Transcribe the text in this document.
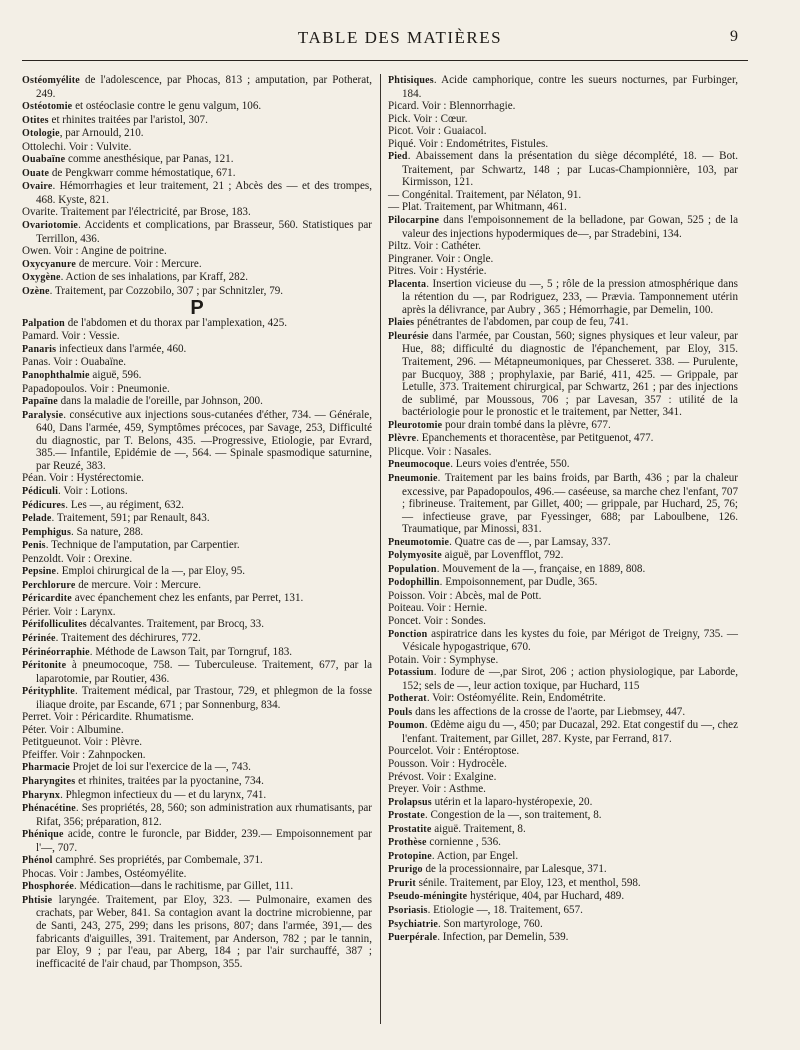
TABLE DES MATIÈRES	9

Ostéomyélite de l'adolescence, par Phocas, 813 ; amputation, par Potherat, 249.

Ostéotomie et ostéoclasie contre le genu valgum, 106.

Otites et rhinites traitées par l'aristol, 307.

Otologie, par Arnould, 210.

Ottolechi. Voir : Vulvite.

Ouabaïne comme anesthésique, par Panas, 121.

Ouate de Pengkwarr comme hémostatique, 671.

Ovaire. Hémorrhagies et leur traitement, 21 ; Abcès des — et des trompes, 468. Kyste, 821.

Ovarite. Traitement par l'électricité, par Brose, 183.

Ovariotomie. Accidents et complications, par Brasseur, 560. Statistiques par Terrillon, 436.

Owen. Voir : Angine de poitrine.

Oxycyanure de mercure. Voir : Mercure.

Oxygène. Action de ses inhalations, par Kraff, 282.

Ozène. Traitement, par Cozzobilo, 307 ; par Schnitzler, 79.

P

Palpation de l'abdomen et du thorax par l'amplexation, 425.

Pamard. Voir : Vessie.

Panaris infectieux dans l'armée, 460.

Panas. Voir : Ouabaïne.

Panophthalmie aiguë, 596.

Papadopoulos. Voir : Pneumonie.

Papaïne dans la maladie de l'oreille, par Johnson, 200.

Paralysie. consécutive aux injections sous-cutanées d'éther, 734. — Générale, 640, Dans l'armée, 459, Symptômes précoces, par Savage, 253, Difficulté du diagnostic, par T. Belons, 435. —Progressive, Etiologie, par Evrard, 385.— Infantile, Epidémie de —, 564. — Spinale spasmodique saturnine, par Reuzé, 383.

Péan. Voir : Hystérectomie.

Pédiculi. Voir : Lotions.

Pédicures. Les —, au régiment, 632.

Pelade. Traitement, 591; par Renault, 843.

Pemphigus. Sa nature, 288.

Penis. Technique de l'amputation, par Carpentier.

Penzoldt. Voir : Orexine.

Pepsine. Emploi chirurgical de la —, par Eloy, 95.

Perchlorure de mercure. Voir : Mercure.

Péricardite avec épanchement chez les enfants, par Perret, 131.

Périer. Voir : Larynx.

Périfolliculites décalvantes. Traitement, par Brocq, 33.

Périnée. Traitement des déchirures, 772.

Périnéorraphie. Méthode de Lawson Tait, par Torngruf, 183.

Péritonite à pneumocoque, 758. — Tuberculeuse. Traitement, 677, par la laparotomie, par Routier, 436.

Pérityphlite. Traitement médical, par Trastour, 729, et phlegmon de la fosse iliaque droite, par Escande, 671 ; par Sonnenburg, 834.

Perret. Voir : Péricardite. Rhumatisme.

Péter. Voir : Albumine.

Petitgueunot. Voir : Plèvre.

Pfeiffer. Voir : Zahnpocken.

Pharmacie Projet de loi sur l'exercice de la —, 743.

Pharyngites et rhinites, traitées par la pyoctanine, 734.

Pharynx. Phlegmon infectieux du — et du larynx, 741.

Phénacétine. Ses propriétés, 28, 560; son administration aux rhumatisants, par Rifat, 356; préparation, 812.

Phénique acide, contre le furoncle, par Bidder, 239.— Empoisonnement par l'—, 707.

Phénol camphré. Ses propriétés, par Combemale, 371.

Phocas. Voir : Jambes, Ostéomyélite.

Phosphorée. Médication—dans le rachitisme, par Gillet, 111.

Phtisie laryngée. Traitement, par Eloy, 323. — Pulmonaire, examen des crachats, par Weber, 841. Sa contagion avant la doctrine microbienne, par de Santi, 243, 275, 299; dans les prisons, 807; dans l'armée, 391,— des fabricants d'aiguilles, 391. Traitement, par Anderson, 782 ; par le tannin, par Eloy, 9 ; par l'eau, par Aberg, 184 ; par l'air surchauffé, 387 ; inefficacité de l'air chaud, par Thompson, 355.

Phtisiques. Acide camphorique, contre les sueurs nocturnes, par Furbinger, 184.

Picard. Voir : Blennorrhagie.

Pick. Voir : Cœur.

Picot. Voir : Guaiacol.

Piqué. Voir : Endométrites, Fistules.

Pied. Abaissement dans la présentation du siège décomplété, 18. — Bot. Traitement, par Schwartz, 148 ; par Lucas-Championnière, 103, par Kirmisson, 121.

— Congénital. Traitement, par Nélaton, 91.

— Plat. Traitement, par Whitmann, 461.

Pilocarpine dans l'empoisonnement de la belladone, par Gowan, 525 ; de la valeur des injections hypodermiques de—, par Stradebini, 134.

Piltz. Voir : Cathéter.

Pingraner. Voir : Ongle.

Pitres. Voir : Hystérie.

Placenta. Insertion vicieuse du —, 5 ; rôle de la pression atmosphérique dans la rétention du —, par Rodriguez, 233, — Prævia. Tamponnement utérin après la délivrance, par Aubry , 365 ; Hémorrhagie, par Demelin, 100.

Plaies pénétrantes de l'abdomen, par coup de feu, 741.

Pleurésie dans l'armée, par Coustan, 560; signes physiques et leur valeur, par Hue, 88; difficulté du diagnostic de l'épanchement, par Eloy, 315. Traitement, 296. — Métapneumoniques, par Chesseret. 338. — Purulente, par Bucquoy, 388 ; prophylaxie, par Barié, 411, 425. — Grippale, par Letulle, 373. Traitement chirurgical, par Schwartz, 261 ; par des injections de sublimé, par Moussous, 706 ; par Lavesan, 357 : utilité de la bactériologie pour le pronostic et le traitement, par Netter, 341.

Pleurotomie pour drain tombé dans la plèvre, 677.

Plèvre. Epanchements et thoracentèse, par Petitguenot, 477.

Plicque. Voir : Nasales.

Pneumocoque. Leurs voies d'entrée, 550.

Pneumonie. Traitement par les bains froids, par Barth, 436 ; par la chaleur excessive, par Papadopoulos, 496.— caséeuse, sa marche chez l'enfant, 707 ; fibrineuse. Traitement, par Gillet, 400; — grippale, par Huchard, 25, 76; — infectieuse grave, par Fyessinger, 688; par Laboulbene, 126. Traumatique, par Minossi, 831.

Pneumotomie. Quatre cas de —, par Lamsay, 337.

Polymyosite aiguë, par Lovenfflot, 792.

Population. Mouvement de la —, française, en 1889, 808.

Podophillin. Empoisonnement, par Dudle, 365.

Poisson. Voir : Abcès, mal de Pott.

Poiteau. Voir : Hernie.

Poncet. Voir : Sondes.

Ponction aspiratrice dans les kystes du foie, par Mérigot de Treigny, 735. — Vésicale hypogastrique, 670.

Potain. Voir : Symphyse.

Potassium. Iodure de —,par Sirot, 206 ; action physiologique, par Laborde, 152; sels de —, leur action toxique, par Huchard, 115

Potherat. Voir: Ostéomyélite. Rein, Endométrite.

Pouls dans les affections de la crosse de l'aorte, par Liebmsey, 447.

Poumon. Œdème aigu du —, 450; par Ducazal, 292. Etat congestif du —, chez l'enfant. Traitement, par Gillet, 287. Kyste, par Ferrand, 817.

Pourcelot. Voir : Entéroptose.

Pousson. Voir : Hydrocèle.

Prévost. Voir : Exalgine.

Preyer. Voir : Asthme.

Prolapsus utérin et la laparo-hystéropexie, 20.

Prostate. Congestion de la —, son traitement, 8.

Prostatite aiguë. Traitement, 8.

Prothèse cornienne , 536.

Protopine. Action, par Engel.

Prurigo de la processionnaire, par Lalesque, 371.

Prurit sénile. Traitement, par Eloy, 123, et menthol, 598.

Pseudo-méningite hystérique, 404, par Huchard, 489.

Psoriasis. Etiologie —, 18. Traitement, 657.

Psychiatrie. Son martyrologe, 760.

Puerpérale. Infection, par Demelin, 539.
